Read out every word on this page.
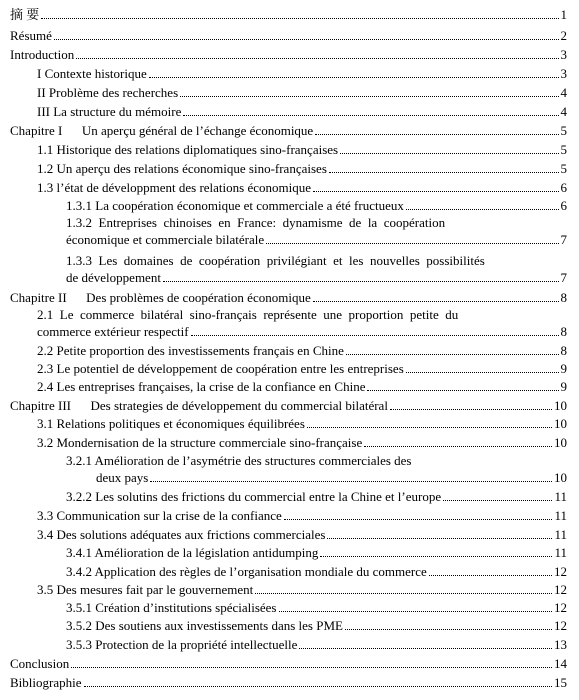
摘 要	1
Résumé	2
Introduction	3
I Contexte historique	3
II Problème des recherches	4
III La structure du mémoire	4
Chapitre I      Un aperçu général de l’échange économique	5
1.1 Historique des relations diplomatiques sino-françaises	5
1.2 Un aperçu des relations économique sino-françaises	5
1.3 l’état de développment des relations économique	6
1.3.1 La coopération économique et commerciale a été fructueux	6
1.3.2  Entreprises  chinoises  en  France:  dynamisme  de  la  coopération
économique et commerciale bilatérale	7
1.3.3  Les  domaines  de  coopération  privilégiant  et  les  nouvelles  possibilités
de développement	7
Chapitre II      Des problèmes de coopération économique	8
2.1  Le  commerce  bilatéral  sino-français  représente  une  proportion  petite  du
commerce extérieur respectif	8
2.2 Petite proportion des investissements français en Chine	8
2.3 Le potentiel de développement de coopération entre les entreprises	9
2.4 Les entreprises françaises, la crise de la confiance en Chine	9
Chapitre III      Des strategies de développement du commercial bilatéral	10
3.1 Relations politiques et économiques équilibrées	10
3.2 Mondernisation de la structure commerciale sino-française	10
3.2.1 Amélioration de l’asymétrie des structures commerciales des
deux pays	10
3.2.2 Les solutins des frictions du commercial entre la Chine et l’europe	11
3.3 Communication sur la crise de la confiance	11
3.4 Des solutions adéquates aux frictions commerciales	11
3.4.1 Amélioration de la législation antidumping	11
3.4.2 Application des règles de l’organisation mondiale du commerce	12
3.5 Des mesures fait par le gouvernement	12
3.5.1 Création d’institutions spécialisées	12
3.5.2 Des soutiens aux investissements dans les PME	12
3.5.3 Protection de la propriété intellectuelle	13
Conclusion	14
Bibliographie	15
